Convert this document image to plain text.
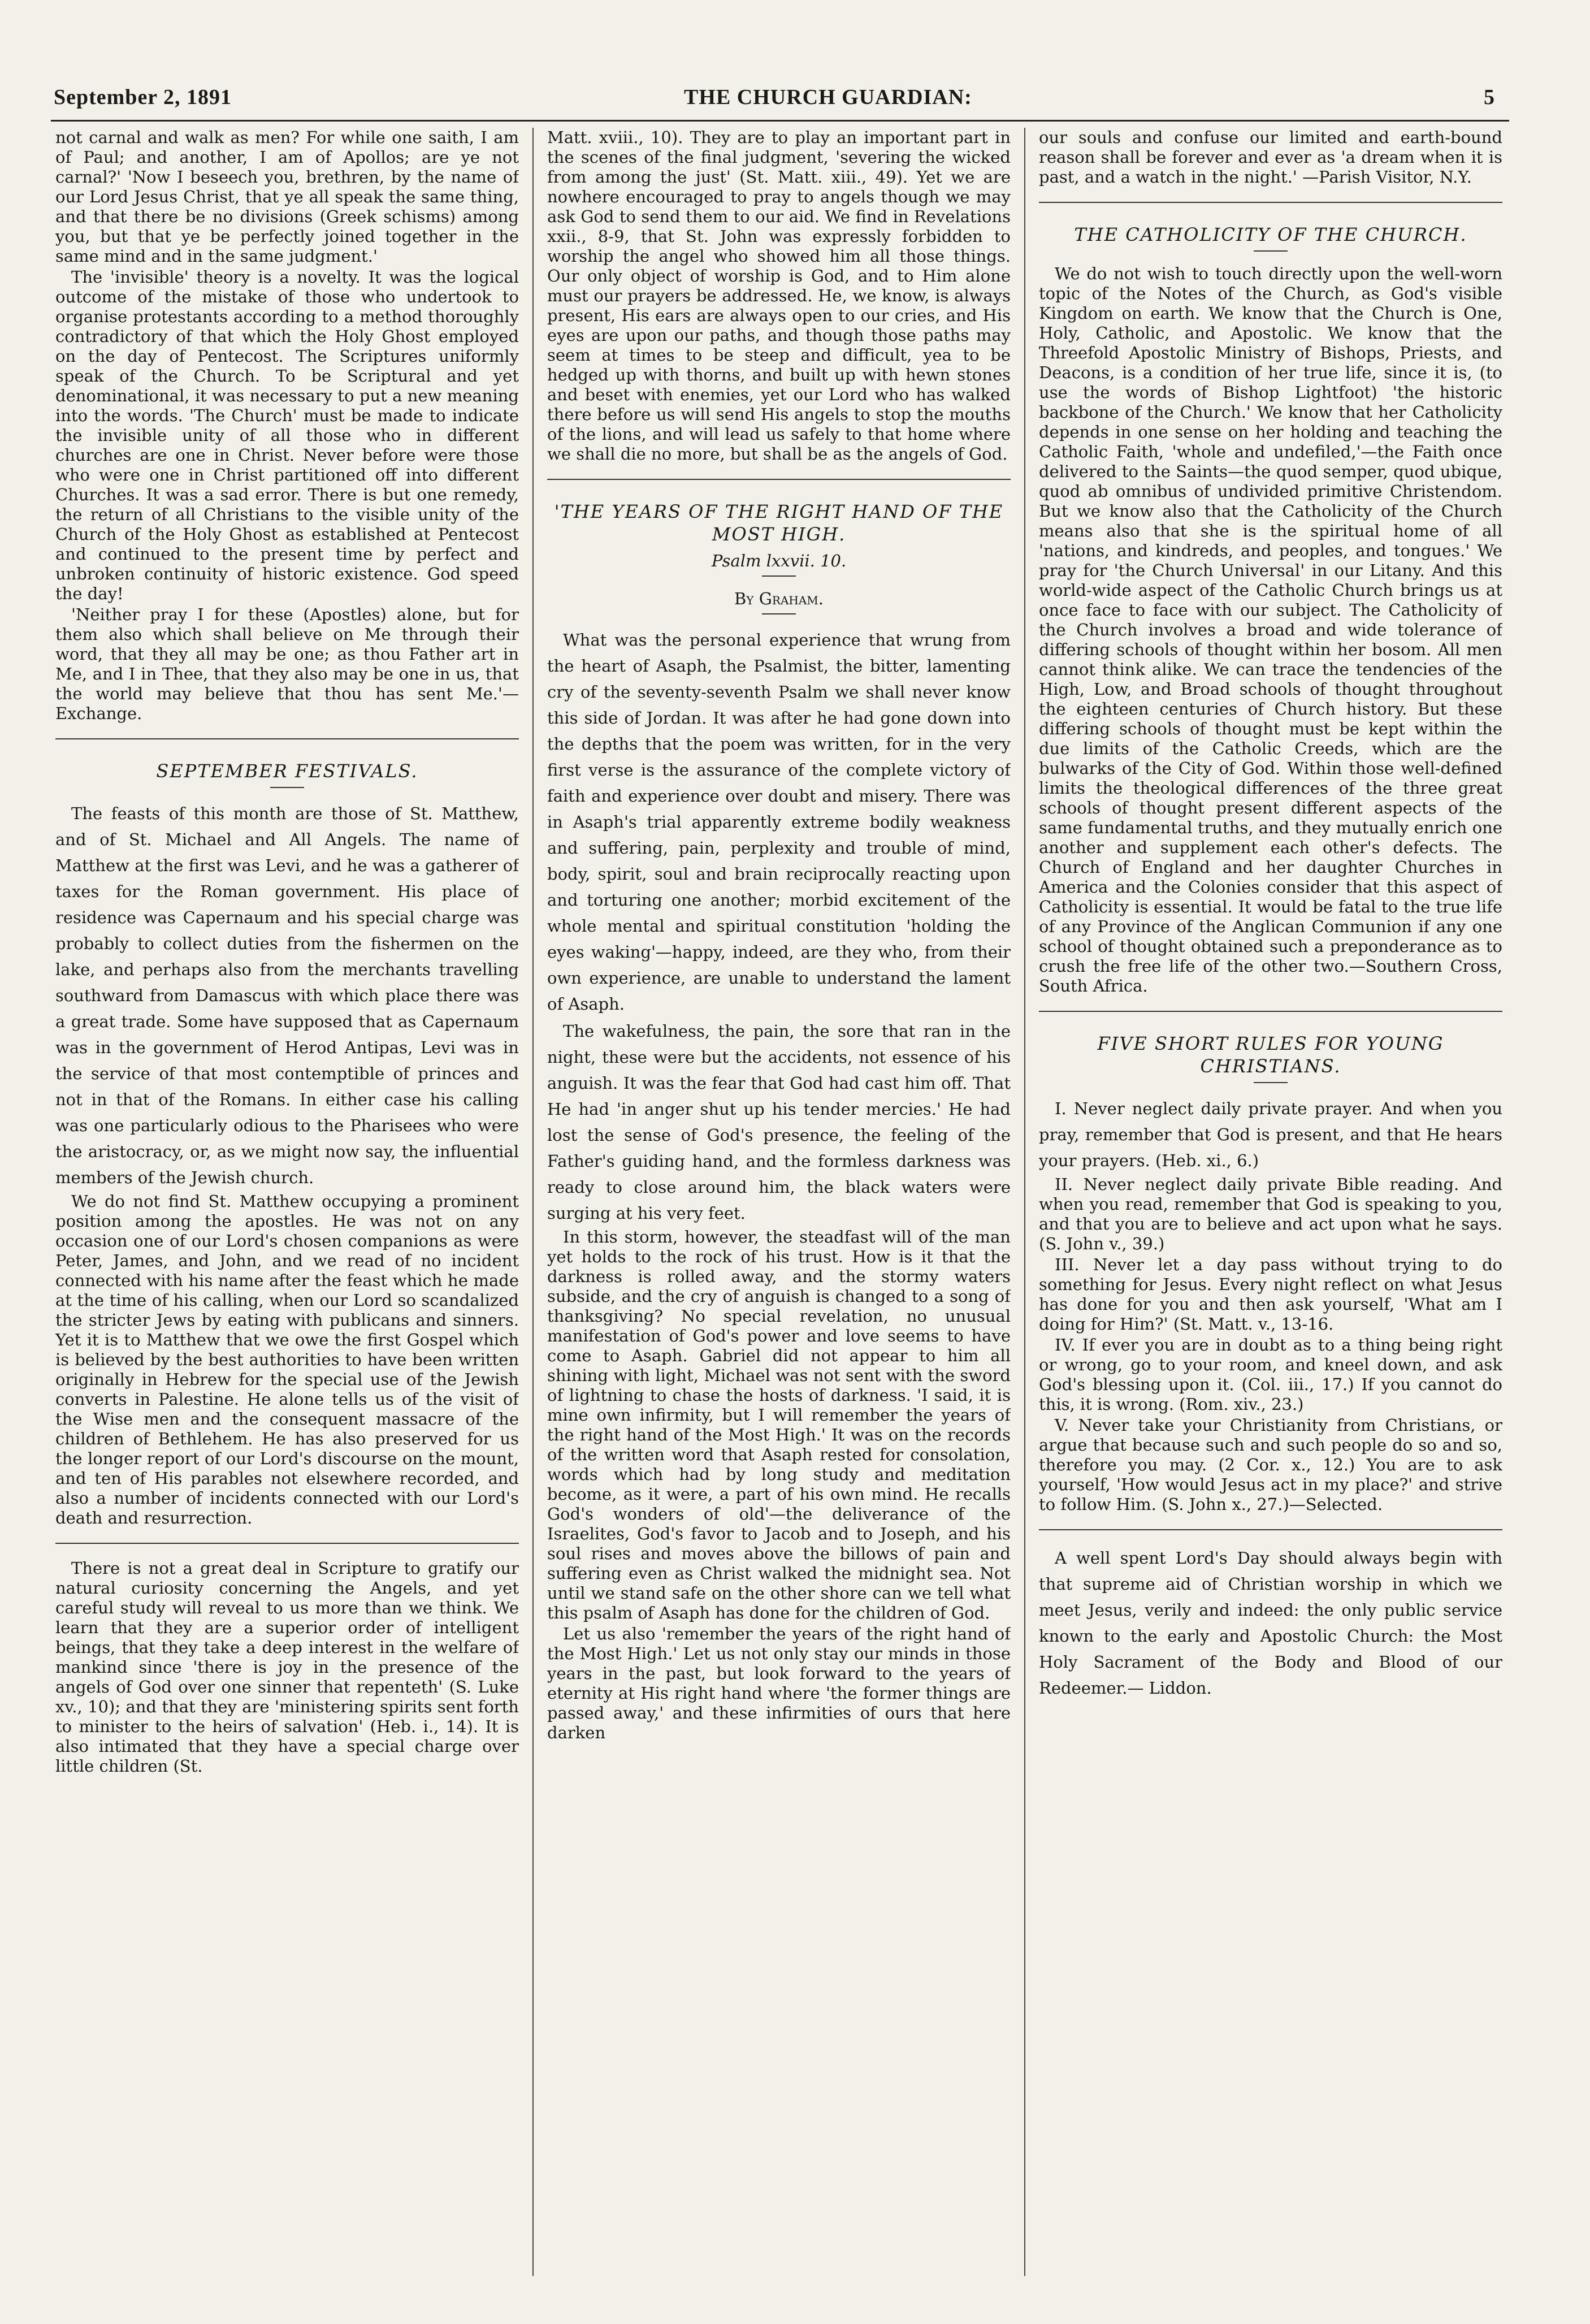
September 2, 1891	THE CHURCH GUARDIAN:	5

not carnal and walk as men? For while one saith, I am of Paul; and another, I am of Apollos; are ye not carnal?' 'Now I beseech you, brethren, by the name of our Lord Jesus Christ, that ye all speak the same thing, and that there be no divisions (Greek schisms) among you, but that ye be perfectly joined together in the same mind and in the same judgment.'

The 'invisible' theory is a novelty. It was the logical outcome of the mistake of those who undertook to organise protestants according to a method thoroughly contradictory of that which the Holy Ghost employed on the day of Pentecost. The Scriptures uniformly speak of the Church. To be Scriptural and yet denominational, it was necessary to put a new meaning into the words. 'The Church' must be made to indicate the invisible unity of all those who in different churches are one in Christ. Never before were those who were one in Christ partitioned off into different Churches. It was a sad error. There is but one remedy, the return of all Christians to the visible unity of the Church of the Holy Ghost as established at Pentecost and continued to the present time by perfect and unbroken continuity of historic existence. God speed the day!

'Neither pray I for these (Apostles) alone, but for them also which shall believe on Me through their word, that they all may be one; as thou Father art in Me, and I in Thee, that they also may be one in us, that the world may believe that thou has sent Me.'—Exchange.

SEPTEMBER FESTIVALS.

The feasts of this month are those of St. Matthew, and of St. Michael and All Angels. The name of Matthew at the first was Levi, and he was a gatherer of taxes for the Roman government. His place of residence was Capernaum and his special charge was probably to collect duties from the fishermen on the lake, and perhaps also from the merchants travelling southward from Damascus with which place there was a great trade. Some have supposed that as Capernaum was in the government of Herod Antipas, Levi was in the service of that most contemptible of princes and not in that of the Romans. In either case his calling was one particularly odious to the Pharisees who were the aristocracy, or, as we might now say, the influential members of the Jewish church.

We do not find St. Matthew occupying a prominent position among the apostles. He was not on any occasion one of our Lord's chosen companions as were Peter, James, and John, and we read of no incident connected with his name after the feast which he made at the time of his calling, when our Lord so scandalized the stricter Jews by eating with publicans and sinners. Yet it is to Matthew that we owe the first Gospel which is believed by the best authorities to have been written originally in Hebrew for the special use of the Jewish converts in Palestine. He alone tells us of the visit of the Wise men and the consequent massacre of the children of Bethlehem. He has also preserved for us the longer report of our Lord's discourse on the mount, and ten of His parables not elsewhere recorded, and also a number of incidents connected with our Lord's death and resurrection.

There is not a great deal in Scripture to gratify our natural curiosity concerning the Angels, and yet careful study will reveal to us more than we think. We learn that they are a superior order of intelligent beings, that they take a deep interest in the welfare of mankind since 'there is joy in the presence of the angels of God over one sinner that repenteth' (S. Luke xv., 10); and that they are 'ministering spirits sent forth to minister to the heirs of salvation' (Heb. i., 14). It is also intimated that they have a special charge over little children (St.

Matt. xviii., 10). They are to play an important part in the scenes of the final judgment, 'severing the wicked from among the just' (St. Matt. xiii., 49). Yet we are nowhere encouraged to pray to angels though we may ask God to send them to our aid. We find in Revelations xxii., 8-9, that St. John was expressly forbidden to worship the angel who showed him all those things. Our only object of worship is God, and to Him alone must our prayers be addressed. He, we know, is always present, His ears are always open to our cries, and His eyes are upon our paths, and though those paths may seem at times to be steep and difficult, yea to be hedged up with thorns, and built up with hewn stones and beset with enemies, yet our Lord who has walked there before us will send His angels to stop the mouths of the lions, and will lead us safely to that home where we shall die no more, but shall be as the angels of God.

'THE YEARS OF THE RIGHT HAND OF THE MOST HIGH.
Psalm lxxvii. 10.
By Graham.

What was the personal experience that wrung from the heart of Asaph, the Psalmist, the bitter, lamenting cry of the seventy-seventh Psalm we shall never know this side of Jordan. It was after he had gone down into the depths that the poem was written, for in the very first verse is the assurance of the complete victory of faith and experience over doubt and misery. There was in Asaph's trial apparently extreme bodily weakness and suffering, pain, perplexity and trouble of mind, body, spirit, soul and brain reciprocally reacting upon and torturing one another; morbid excitement of the whole mental and spiritual constitution 'holding the eyes waking'—happy, indeed, are they who, from their own experience, are unable to understand the lament of Asaph.

The wakefulness, the pain, the sore that ran in the night, these were but the accidents, not essence of his anguish. It was the fear that God had cast him off. That He had 'in anger shut up his tender mercies.' He had lost the sense of God's presence, the feeling of the Father's guiding hand, and the formless darkness was ready to close around him, the black waters were surging at his very feet.

In this storm, however, the steadfast will of the man yet holds to the rock of his trust. How is it that the darkness is rolled away, and the stormy waters subside, and the cry of anguish is changed to a song of thanksgiving? No special revelation, no unusual manifestation of God's power and love seems to have come to Asaph. Gabriel did not appear to him all shining with light, Michael was not sent with the sword of lightning to chase the hosts of darkness. 'I said, it is mine own infirmity, but I will remember the years of the right hand of the Most High.' It was on the records of the written word that Asaph rested for consolation, words which had by long study and meditation become, as it were, a part of his own mind. He recalls God's wonders of old'—the deliverance of the Israelites, God's favor to Jacob and to Joseph, and his soul rises and moves above the billows of pain and suffering even as Christ walked the midnight sea. Not until we stand safe on the other shore can we tell what this psalm of Asaph has done for the children of God.

Let us also 'remember the years of the right hand of the Most High.' Let us not only stay our minds in those years in the past, but look forward to the years of eternity at His right hand where 'the former things are passed away,' and these infirmities of ours that here darken

our souls and confuse our limited and earth-bound reason shall be forever and ever as 'a dream when it is past, and a watch in the night.' —Parish Visitor, N.Y.

THE CATHOLICITY OF THE CHURCH.

We do not wish to touch directly upon the well-worn topic of the Notes of the Church, as God's visible Kingdom on earth. We know that the Church is One, Holy, Catholic, and Apostolic. We know that the Threefold Apostolic Ministry of Bishops, Priests, and Deacons, is a condition of her true life, since it is, (to use the words of Bishop Lightfoot) 'the historic backbone of the Church.' We know that her Catholicity depends in one sense on her holding and teaching the Catholic Faith, 'whole and undefiled,'—the Faith once delivered to the Saints—the quod semper, quod ubique, quod ab omnibus of undivided primitive Christendom. But we know also that the Catholicity of the Church means also that she is the spiritual home of all 'nations, and kindreds, and peoples, and tongues.' We pray for 'the Church Universal' in our Litany. And this world-wide aspect of the Catholic Church brings us at once face to face with our subject. The Catholicity of the Church involves a broad and wide tolerance of differing schools of thought within her bosom. All men cannot think alike. We can trace the tendencies of the High, Low, and Broad schools of thought throughout the eighteen centuries of Church history. But these differing schools of thought must be kept within the due limits of the Catholic Creeds, which are the bulwarks of the City of God. Within those well-defined limits the theological differences of the three great schools of thought present different aspects of the same fundamental truths, and they mutually enrich one another and supplement each other's defects. The Church of England and her daughter Churches in America and the Colonies consider that this aspect of Catholicity is essential. It would be fatal to the true life of any Province of the Anglican Communion if any one school of thought obtained such a preponderance as to crush the free life of the other two.—Southern Cross, South Africa.

FIVE SHORT RULES FOR YOUNG CHRISTIANS.

I. Never neglect daily private prayer. And when you pray, remember that God is present, and that He hears your prayers. (Heb. xi., 6.)

II. Never neglect daily private Bible reading. And when you read, remember that God is speaking to you, and that you are to believe and act upon what he says. (S. John v., 39.)

III. Never let a day pass without trying to do something for Jesus. Every night reflect on what Jesus has done for you and then ask yourself, 'What am I doing for Him?' (St. Matt. v., 13-16.

IV. If ever you are in doubt as to a thing being right or wrong, go to your room, and kneel down, and ask God's blessing upon it. (Col. iii., 17.) If you cannot do this, it is wrong. (Rom. xiv., 23.)

V. Never take your Christianity from Christians, or argue that because such and such people do so and so, therefore you may. (2 Cor. x., 12.) You are to ask yourself, 'How would Jesus act in my place?' and strive to follow Him. (S. John x., 27.)—Selected.

A well spent Lord's Day should always begin with that supreme aid of Christian worship in which we meet Jesus, verily and indeed: the only public service known to the early and Apostolic Church: the Most Holy Sacrament of the Body and Blood of our Redeemer.— Liddon.
